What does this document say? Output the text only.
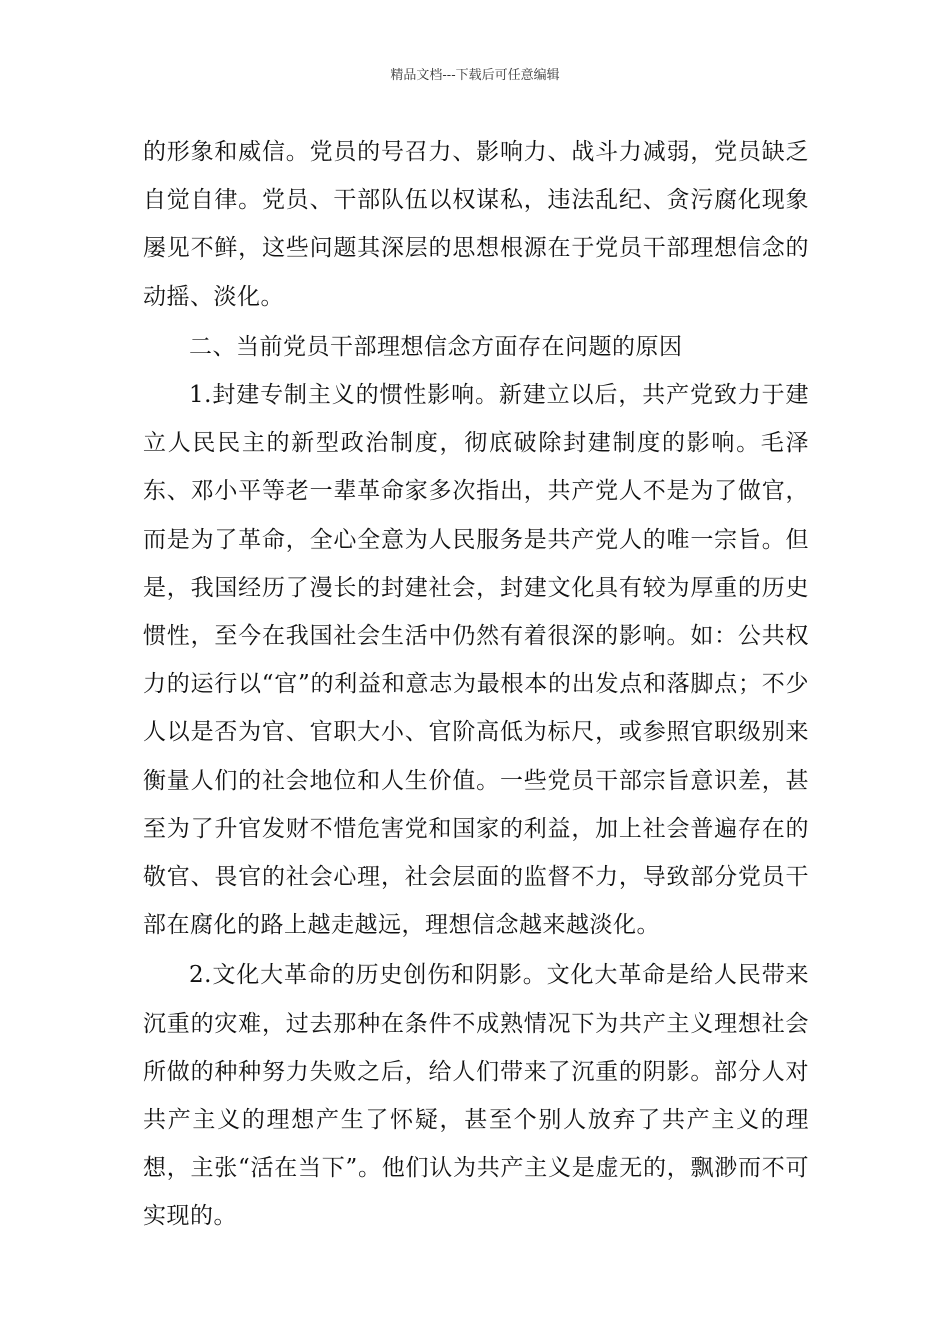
精品文档---下载后可任意编辑

的形象和威信。党员的号召力、影响力、战斗力减弱，党员缺乏自觉自律。党员、干部队伍以权谋私，违法乱纪、贪污腐化现象屡见不鲜，这些问题其深层的思想根源在于党员干部理想信念的动摇、淡化。

二、当前党员干部理想信念方面存在问题的原因

1.封建专制主义的惯性影响。新建立以后，共产党致力于建立人民民主的新型政治制度，彻底破除封建制度的影响。毛泽东、邓小平等老一辈革命家多次指出，共产党人不是为了做官，而是为了革命，全心全意为人民服务是共产党人的唯一宗旨。但是，我国经历了漫长的封建社会，封建文化具有较为厚重的历史惯性，至今在我国社会生活中仍然有着很深的影响。如：公共权力的运行以“官”的利益和意志为最根本的出发点和落脚点；不少人以是否为官、官职大小、官阶高低为标尺，或参照官职级别来衡量人们的社会地位和人生价值。一些党员干部宗旨意识差，甚至为了升官发财不惜危害党和国家的利益，加上社会普遍存在的敬官、畏官的社会心理，社会层面的监督不力，导致部分党员干部在腐化的路上越走越远，理想信念越来越淡化。

2.文化大革命的历史创伤和阴影。文化大革命是给人民带来沉重的灾难，过去那种在条件不成熟情况下为共产主义理想社会所做的种种努力失败之后，给人们带来了沉重的阴影。部分人对共产主义的理想产生了怀疑，甚至个别人放弃了共产主义的理想，主张“活在当下”。他们认为共产主义是虚无的，飘渺而不可实现的。
